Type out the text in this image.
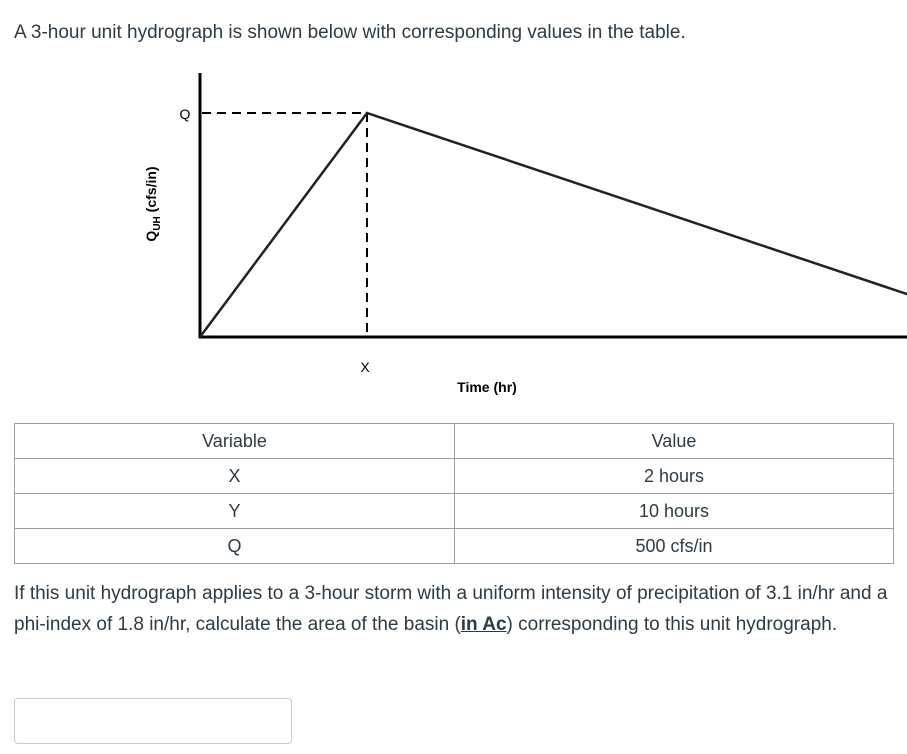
A 3-hour unit hydrograph is shown below with corresponding values in the table.

Q
X
Time (hr)
$Q_{UH}$ (cfs/in)
Variable	Value
X	2 hours
Y	10 hours
Q	500 cfs/in

If this unit hydrograph applies to a 3-hour storm with a uniform intensity of precipitation of 3.1 in/hr and a phi-index of 1.8 in/hr, calculate the area of the basin (in Ac) corresponding to this unit hydrograph.
